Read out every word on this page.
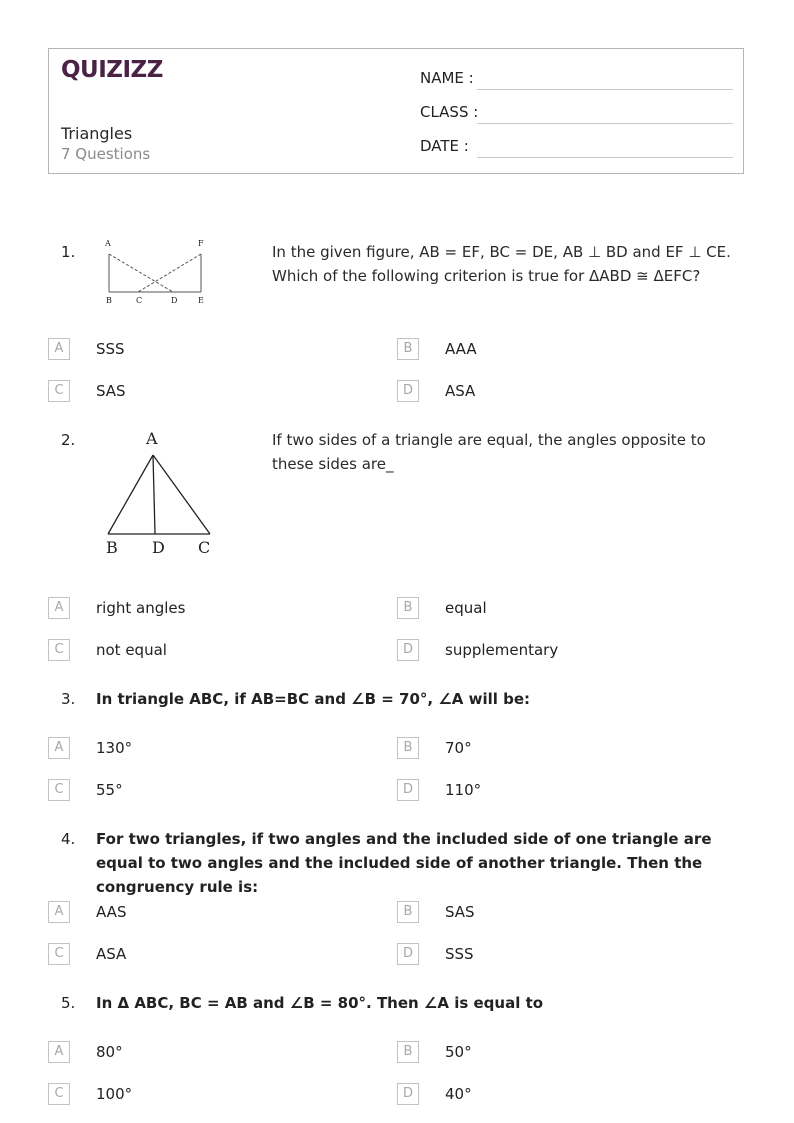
QUIZIZZ
Triangles
7 Questions
NAME :
CLASS :
DATE :
1.	A	F
B	C	D	E
In the given figure, AB = EF, BC = DE, AB ⊥ BD and EF ⊥ CE. Which of the following criterion is true for ΔABD ≅ ΔEFC?
A	SSS	B	AAA
C	SAS	D	ASA
2.	A
B D C
If two sides of a triangle are equal, the angles opposite to these sides are_
A	right angles	B	equal
C	not equal	D	supplementary
3. In triangle ABC, if AB=BC and ∠B = 70°, ∠A will be:
A	130°	B	70°
C	55°	D	110°
4. For two triangles, if two angles and the included side of one triangle are equal to two angles and the included side of another triangle. Then the congruency rule is:
A	AAS	B	SAS
C	ASA	D	SSS
5. In Δ ABC, BC = AB and ∠B = 80°. Then ∠A is equal to
A	80°	B	50°
C	100°	D	40°
